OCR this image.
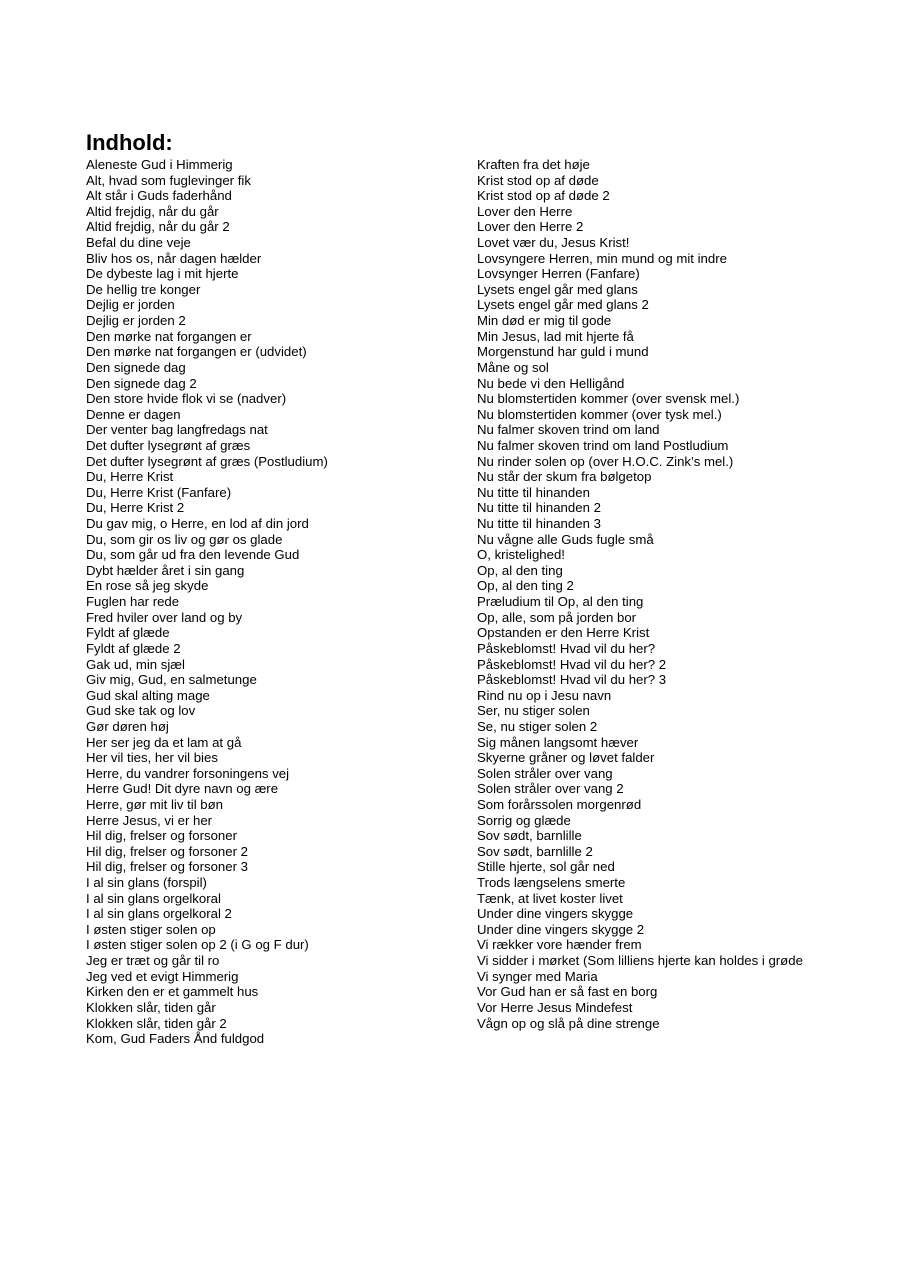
Indhold:
Aleneste Gud i Himmerig
Alt, hvad som fuglevinger fik
Alt står i Guds faderhånd
Altid frejdig, når du går
Altid frejdig, når du går 2
Befal du dine veje
Bliv hos os, når dagen hælder
De dybeste lag i mit hjerte
De hellig tre konger
Dejlig er jorden
Dejlig er jorden 2
Den mørke nat forgangen er
Den mørke nat forgangen er (udvidet)
Den signede dag
Den signede dag 2
Den store hvide flok vi se (nadver)
Denne er dagen
Der venter bag langfredags nat
Det dufter lysegrønt af græs
Det dufter lysegrønt af græs (Postludium)
Du, Herre Krist
Du, Herre Krist (Fanfare)
Du, Herre Krist 2
Du gav mig, o Herre, en lod af din jord
Du, som gir os liv og gør os glade
Du, som går ud fra den levende Gud
Dybt hælder året i sin gang
En rose så jeg skyde
Fuglen har rede
Fred hviler over land og by
Fyldt af glæde
Fyldt af glæde 2
Gak ud, min sjæl
Giv mig, Gud, en salmetunge
Gud skal alting mage
Gud ske tak og lov
Gør døren høj
Her ser jeg da et lam at gå
Her vil ties, her vil bies
Herre, du vandrer forsoningens vej
Herre Gud! Dit dyre navn og ære
Herre, gør mit liv til bøn
Herre Jesus, vi er her
Hil dig, frelser og forsoner
Hil dig, frelser og forsoner 2
Hil dig, frelser og forsoner 3
I al sin glans (forspil)
I al sin glans orgelkoral
I al sin glans orgelkoral 2
I østen stiger solen op
I østen stiger solen op 2 (i G og F dur)
Jeg er træt og går til ro
Jeg ved et evigt Himmerig
Kirken den er et gammelt hus
Klokken slår, tiden går
Klokken slår, tiden går 2
Kom, Gud Faders Ånd fuldgod
Kraften fra det høje
Krist stod op af døde
Krist stod op af døde 2
Lover den Herre
Lover den Herre 2
Lovet vær du, Jesus Krist!
Lovsyngere Herren, min mund og mit indre
Lovsynger Herren (Fanfare)
Lysets engel går med glans
Lysets engel går med glans 2
Min død er mig til gode
Min Jesus, lad mit hjerte få
Morgenstund har guld i mund
Måne og sol
Nu bede vi den Helligånd
Nu blomstertiden kommer (over svensk mel.)
Nu blomstertiden kommer (over tysk mel.)
Nu falmer skoven trind om land
Nu falmer skoven trind om land Postludium
Nu rinder solen op (over H.O.C. Zink’s mel.)
Nu står der skum fra bølgetop
Nu titte til hinanden
Nu titte til hinanden 2
Nu titte til hinanden 3
Nu vågne alle Guds fugle små
O, kristelighed!
Op, al den ting
Op, al den ting 2
Præludium til Op, al den ting
Op, alle, som på jorden bor
Opstanden er den Herre Krist
Påskeblomst! Hvad vil du her?
Påskeblomst! Hvad vil du her? 2
Påskeblomst! Hvad vil du her? 3
Rind nu op i Jesu navn
Ser, nu stiger solen
Se, nu stiger solen 2
Sig månen langsomt hæver
Skyerne gråner og løvet falder
Solen stråler over vang
Solen stråler over vang 2
Som forårssolen morgenrød
Sorrig og glæde
Sov sødt, barnlille
Sov sødt, barnlille 2
Stille hjerte, sol går ned
Trods længselens smerte
Tænk, at livet koster livet
Under dine vingers skygge
Under dine vingers skygge 2
Vi rækker vore hænder frem
Vi sidder i mørket (Som lilliens hjerte kan holdes i grøde
Vi synger med Maria
Vor Gud han er så fast en borg
Vor Herre Jesus Mindefest
Vågn op og slå på dine strenge
